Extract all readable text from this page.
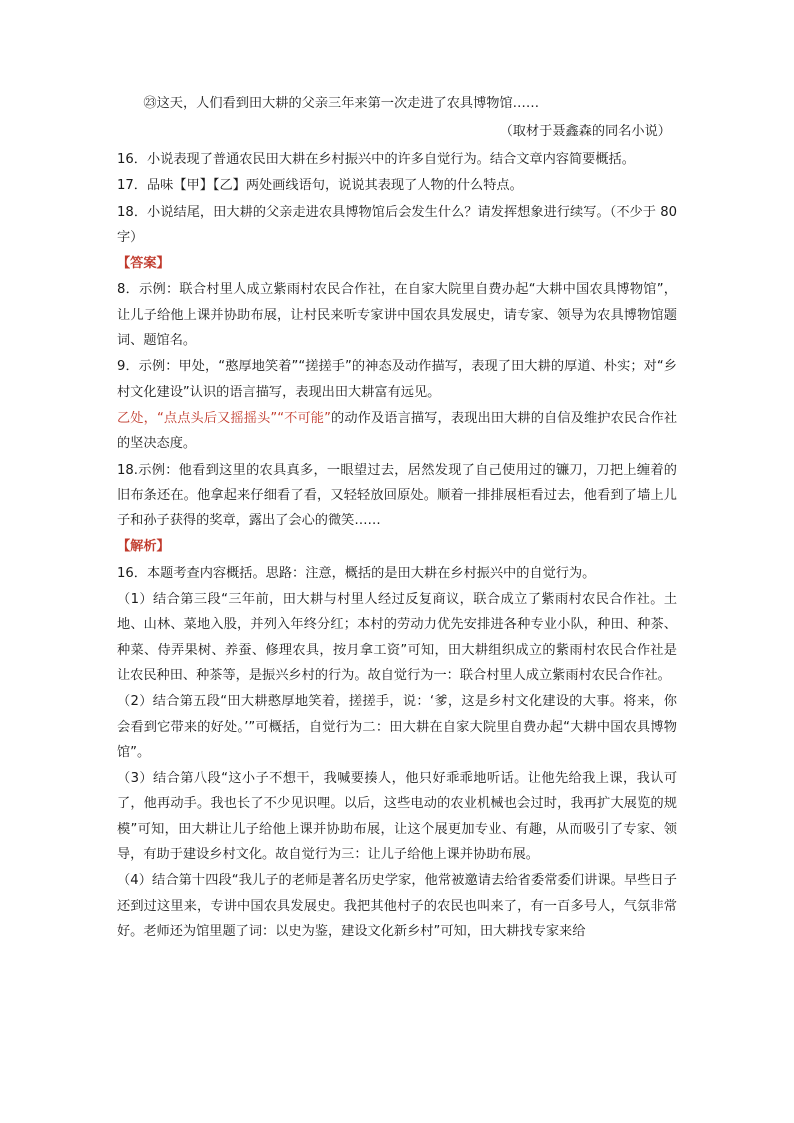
㉓这天，人们看到田大耕的父亲三年来第一次走进了农具博物馆……

（取材于聂鑫森的同名小说）

16．小说表现了普通农民田大耕在乡村振兴中的许多自觉行为。结合文章内容简要概括。

17．品味【甲】【乙】两处画线语句，说说其表现了人物的什么特点。

18．小说结尾，田大耕的父亲走进农具博物馆后会发生什么？请发挥想象进行续写。（不少于 80 字）

【答案】

8．示例：联合村里人成立紫雨村农民合作社，在自家大院里自费办起“大耕中国农具博物馆”，让儿子给他上课并协助布展，让村民来听专家讲中国农具发展史，请专家、领导为农具博物馆题词、题馆名。

9．示例：甲处，“憨厚地笑着”“搓搓手”的神态及动作描写，表现了田大耕的厚道、朴实；对“乡村文化建设”认识的语言描写，表现出田大耕富有远见。

乙处，“点点头后又摇摇头”“不可能”的动作及语言描写，表现出田大耕的自信及维护农民合作社的坚决态度。

18.示例：他看到这里的农具真多，一眼望过去，居然发现了自己使用过的镰刀，刀把上缠着的旧布条还在。他拿起来仔细看了看，又轻轻放回原处。顺着一排排展柜看过去，他看到了墙上儿子和孙子获得的奖章，露出了会心的微笑……

【解析】

16．本题考查内容概括。思路：注意，概括的是田大耕在乡村振兴中的自觉行为。

（1）结合第三段“三年前，田大耕与村里人经过反复商议，联合成立了紫雨村农民合作社。土地、山林、菜地入股，并列入年终分红；本村的劳动力优先安排进各种专业小队，种田、种茶、种菜、侍弄果树、养蚕、修理农具，按月拿工资”可知，田大耕组织成立的紫雨村农民合作社是让农民种田、种茶等，是振兴乡村的行为。故自觉行为一：联合村里人成立紫雨村农民合作社。

（2）结合第五段“田大耕憨厚地笑着，搓搓手，说：‘爹，这是乡村文化建设的大事。将来，你会看到它带来的好处。’”可概括，自觉行为二：田大耕在自家大院里自费办起“大耕中国农具博物馆”。

（3）结合第八段“这小子不想干，我喊要揍人，他只好乖乖地听话。让他先给我上课，我认可了，他再动手。我也长了不少见识哩。以后，这些电动的农业机械也会过时，我再扩大展览的规模”可知，田大耕让儿子给他上课并协助布展，让这个展更加专业、有趣，从而吸引了专家、领导，有助于建设乡村文化。故自觉行为三：让儿子给他上课并协助布展。

（4）结合第十四段“我儿子的老师是著名历史学家，他常被邀请去给省委常委们讲课。早些日子还到过这里来，专讲中国农具发展史。我把其他村子的农民也叫来了，有一百多号人，气氛非常好。老师还为馆里题了词：以史为鉴，建设文化新乡村”可知，田大耕找专家来给
